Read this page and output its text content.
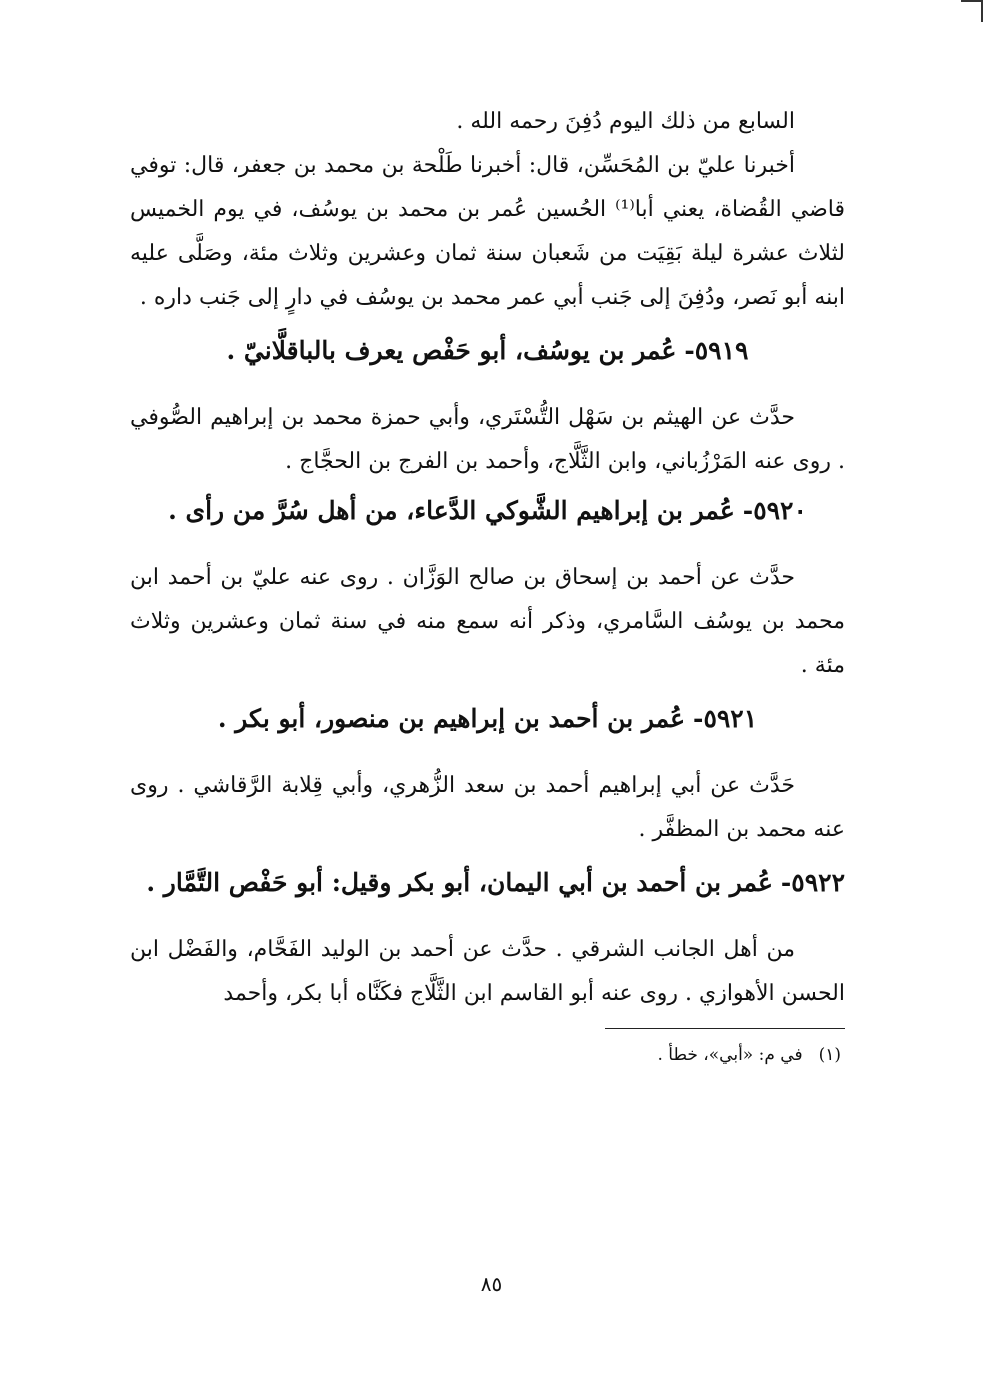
السابع من ذلك اليوم دُفِنَ رحمه الله .

أخبرنا عليّ بن المُحَسِّن، قال: أخبرنا طَلْحة بن محمد بن جعفر، قال: توفي قاضي القُضاة، يعني أبا⁽¹⁾ الحُسين عُمر بن محمد بن يوسُف، في يوم الخميس لثلاث عشرة ليلة بَقِيَت من شَعبان سنة ثمان وعشرين وثلاث مئة، وصَلَّى عليه ابنه أبو نَصر، ودُفِنَ إلى جَنب أبي عمر محمد بن يوسُف في دارٍ إلى جَنب داره .

٥٩١٩-عُمر بن يوسُف، أبو حَفْص يعرف بالباقلَّانيّ .

حدَّث عن الهيثم بن سَهْل التُّسْتَري، وأبي حمزة محمد بن إبراهيم الصُّوفي . روى عنه المَرْزُباني، وابن الثَّلَّاج، وأحمد بن الفرج بن الحجَّاج .

٥٩٢٠-عُمر بن إبراهيم الشَّوكي الدَّعاء، من أهل سُرَّ من رأى .

حدَّث عن أحمد بن إسحاق بن صالح الوَزَّان . روى عنه عليّ بن أحمد ابن محمد بن يوسُف السَّامري، وذكر أنه سمع منه في سنة ثمان وعشرين وثلاث مئة .

٥٩٢١-عُمر بن أحمد بن إبراهيم بن منصور، أبو بكر .

حَدَّث عن أبي إبراهيم أحمد بن سعد الزُّهري، وأبي قِلابة الرَّقاشي . روى عنه محمد بن المظفَّر .

٥٩٢٢-عُمر بن أحمد بن أبي اليمان، أبو بكر وقيل: أبو حَفْص التَّمَّار .

من أهل الجانب الشرقي . حدَّث عن أحمد بن الوليد الفَحَّام، والفَضْل ابن الحسن الأهوازي . روى عنه أبو القاسم ابن الثَّلَّاج فكَنَّاه أبا بكر، وأحمد

(١)في م: «أبي»، خطأ .

٨٥
